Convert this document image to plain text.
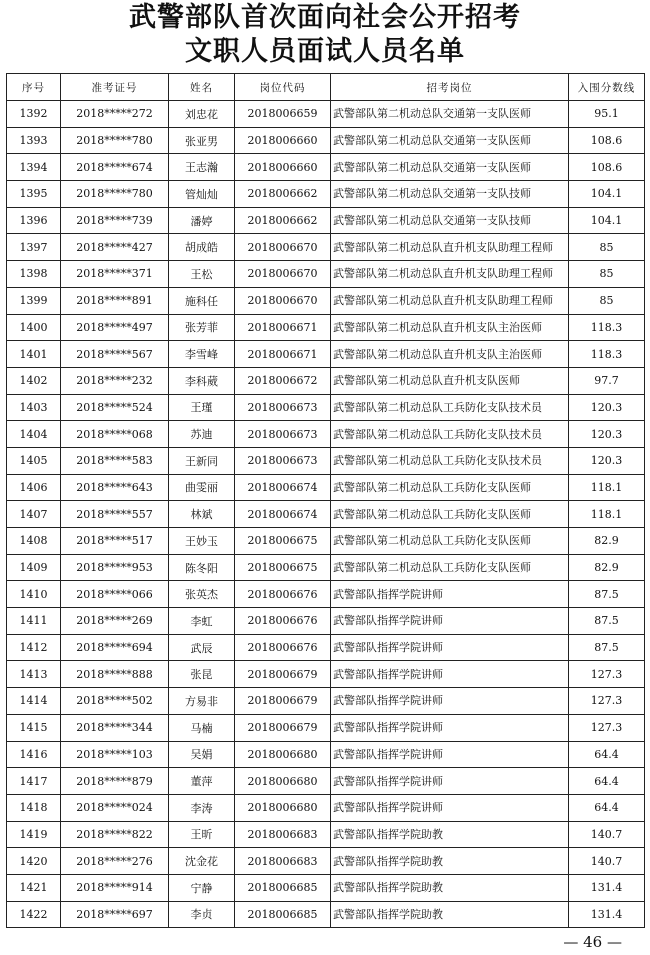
武警部队首次面向社会公开招考
文职人员面试人员名单
序号	准考证号	姓名	岗位代码	招考岗位	入围分数线
1392	2018*****272	刘忠花	2018006659	武警部队第二机动总队交通第一支队医师	95.1
1393	2018*****780	张亚男	2018006660	武警部队第二机动总队交通第一支队医师	108.6
1394	2018*****674	王志瀚	2018006660	武警部队第二机动总队交通第一支队医师	108.6
1395	2018*****780	管灿灿	2018006662	武警部队第二机动总队交通第一支队技师	104.1
1396	2018*****739	潘婷	2018006662	武警部队第二机动总队交通第一支队技师	104.1
1397	2018*****427	胡成皓	2018006670	武警部队第二机动总队直升机支队助理工程师	85
1398	2018*****371	王松	2018006670	武警部队第二机动总队直升机支队助理工程师	85
1399	2018*****891	施科任	2018006670	武警部队第二机动总队直升机支队助理工程师	85
1400	2018*****497	张芳菲	2018006671	武警部队第二机动总队直升机支队主治医师	118.3
1401	2018*****567	李雪峰	2018006671	武警部队第二机动总队直升机支队主治医师	118.3
1402	2018*****232	李科葳	2018006672	武警部队第二机动总队直升机支队医师	97.7
1403	2018*****524	王瑾	2018006673	武警部队第二机动总队工兵防化支队技术员	120.3
1404	2018*****068	苏迪	2018006673	武警部队第二机动总队工兵防化支队技术员	120.3
1405	2018*****583	王新同	2018006673	武警部队第二机动总队工兵防化支队技术员	120.3
1406	2018*****643	曲雯丽	2018006674	武警部队第二机动总队工兵防化支队医师	118.1
1407	2018*****557	林斌	2018006674	武警部队第二机动总队工兵防化支队医师	118.1
1408	2018*****517	王妙玉	2018006675	武警部队第二机动总队工兵防化支队医师	82.9
1409	2018*****953	陈冬阳	2018006675	武警部队第二机动总队工兵防化支队医师	82.9
1410	2018*****066	张英杰	2018006676	武警部队指挥学院讲师	87.5
1411	2018*****269	李虹	2018006676	武警部队指挥学院讲师	87.5
1412	2018*****694	武辰	2018006676	武警部队指挥学院讲师	87.5
1413	2018*****888	张昆	2018006679	武警部队指挥学院讲师	127.3
1414	2018*****502	方易非	2018006679	武警部队指挥学院讲师	127.3
1415	2018*****344	马楠	2018006679	武警部队指挥学院讲师	127.3
1416	2018*****103	吴娟	2018006680	武警部队指挥学院讲师	64.4
1417	2018*****879	董萍	2018006680	武警部队指挥学院讲师	64.4
1418	2018*****024	李涛	2018006680	武警部队指挥学院讲师	64.4
1419	2018*****822	王昕	2018006683	武警部队指挥学院助教	140.7
1420	2018*****276	沈金花	2018006683	武警部队指挥学院助教	140.7
1421	2018*****914	宁静	2018006685	武警部队指挥学院助教	131.4
1422	2018*****697	李贞	2018006685	武警部队指挥学院助教	131.4
— 46 —
